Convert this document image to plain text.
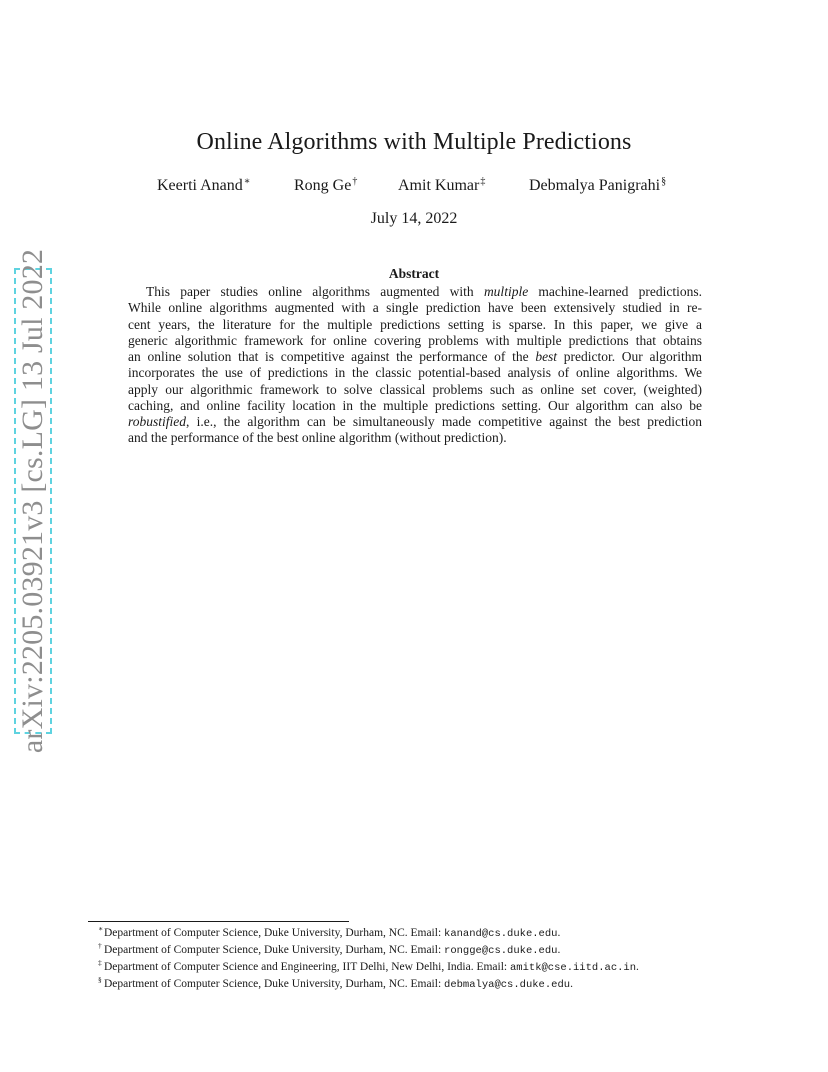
arXiv:2205.03921v3 [cs.LG] 13 Jul 2022
Online Algorithms with Multiple Predictions
Keerti Anand∗	Rong Ge†	Amit Kumar‡	Debmalya Panigrahi§
July 14, 2022
Abstract
This paper studies online algorithms augmented with multiple machine-learned predictions.
While online algorithms augmented with a single prediction have been extensively studied in re-
cent years, the literature for the multiple predictions setting is sparse. In this paper, we give a
generic algorithmic framework for online covering problems with multiple predictions that obtains
an online solution that is competitive against the performance of the best predictor. Our algorithm
incorporates the use of predictions in the classic potential-based analysis of online algorithms. We
apply our algorithmic framework to solve classical problems such as online set cover, (weighted)
caching, and online facility location in the multiple predictions setting. Our algorithm can also be
robustified, i.e., the algorithm can be simultaneously made competitive against the best prediction
and the performance of the best online algorithm (without prediction).
∗ Department of Computer Science, Duke University, Durham, NC. Email: kanand@cs.duke.edu.
† Department of Computer Science, Duke University, Durham, NC. Email: rongge@cs.duke.edu.
‡ Department of Computer Science and Engineering, IIT Delhi, New Delhi, India. Email: amitk@cse.iitd.ac.in.
§ Department of Computer Science, Duke University, Durham, NC. Email: debmalya@cs.duke.edu.
